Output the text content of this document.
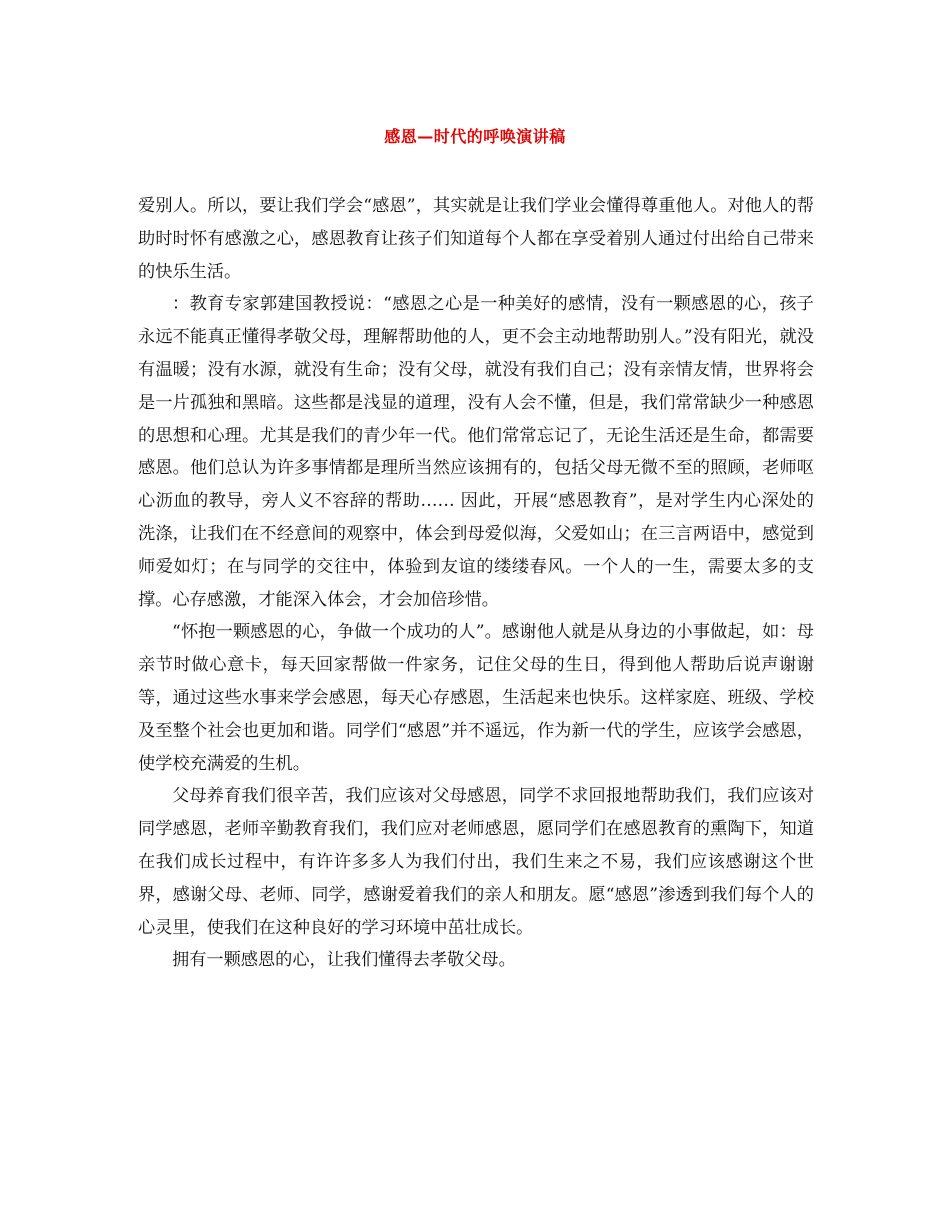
感恩—时代的呼唤演讲稿

爱别人。所以，要让我们学会“感恩”，其实就是让我们学业会懂得尊重他人。对他人的帮助时时怀有感激之心，感恩教育让孩子们知道每个人都在享受着别人通过付出给自己带来的快乐生活。

：教育专家郭建国教授说：“感恩之心是一种美好的感情，没有一颗感恩的心，孩子永远不能真正懂得孝敬父母，理解帮助他的人，更不会主动地帮助别人。”没有阳光，就没有温暖；没有水源，就没有生命；没有父母，就没有我们自己；没有亲情友情，世界将会是一片孤独和黑暗。这些都是浅显的道理，没有人会不懂，但是，我们常常缺少一种感恩的思想和心理。尤其是我们的青少年一代。他们常常忘记了，无论生活还是生命，都需要感恩。他们总认为许多事情都是理所当然应该拥有的，包括父母无微不至的照顾，老师呕心沥血的教导，旁人义不容辞的帮助…… 因此，开展“感恩教育”，是对学生内心深处的洗涤，让我们在不经意间的观察中，体会到母爱似海，父爱如山；在三言两语中，感觉到师爱如灯；在与同学的交往中，体验到友谊的缕缕春风。一个人的一生，需要太多的支撑。心存感激，才能深入体会，才会加倍珍惜。

“怀抱一颗感恩的心，争做一个成功的人”。感谢他人就是从身边的小事做起，如：母亲节时做心意卡，每天回家帮做一件家务，记住父母的生日，得到他人帮助后说声谢谢等，通过这些水事来学会感恩，每天心存感恩，生活起来也快乐。这样家庭、班级、学校及至整个社会也更加和谐。同学们“感恩”并不遥远，作为新一代的学生，应该学会感恩，使学校充满爱的生机。

父母养育我们很辛苦，我们应该对父母感恩，同学不求回报地帮助我们，我们应该对同学感恩，老师辛勤教育我们，我们应对老师感恩，愿同学们在感恩教育的熏陶下，知道在我们成长过程中，有许许多多人为我们付出，我们生来之不易，我们应该感谢这个世界，感谢父母、老师、同学，感谢爱着我们的亲人和朋友。愿“感恩”渗透到我们每个人的心灵里，使我们在这种良好的学习环境中茁壮成长。

拥有一颗感恩的心，让我们懂得去孝敬父母。
